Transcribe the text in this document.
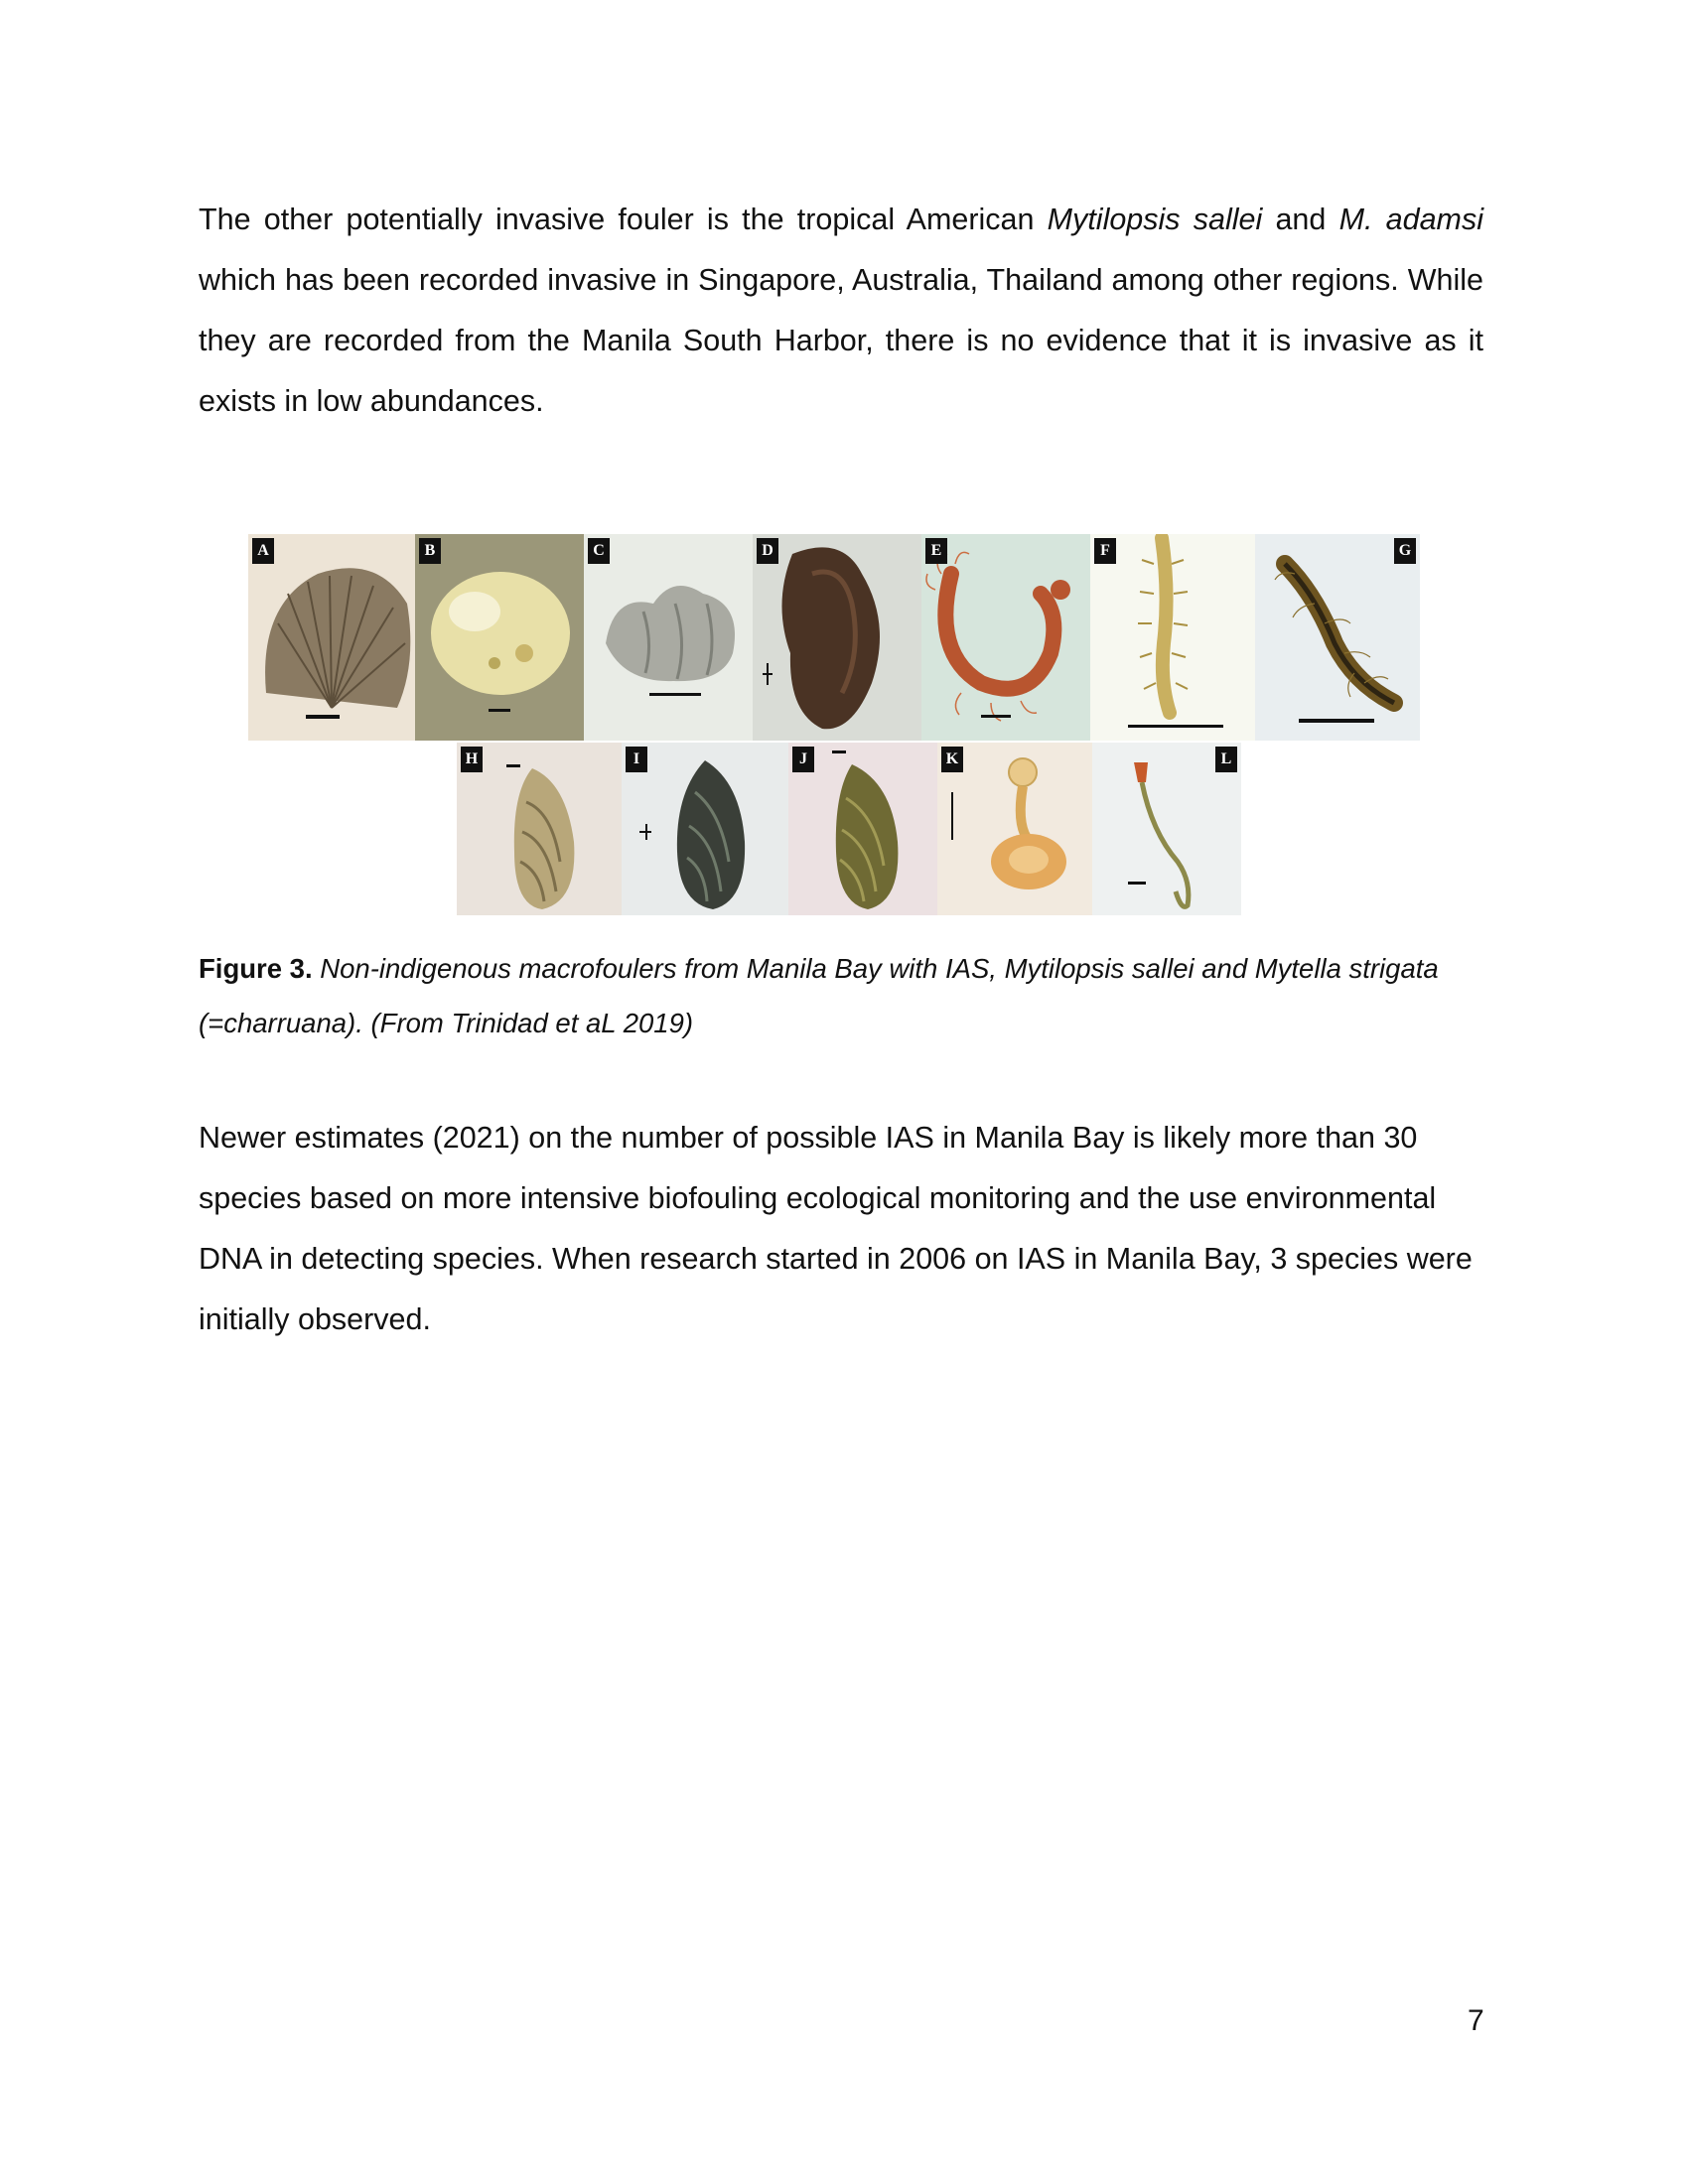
The other potentially invasive fouler is the tropical American Mytilopsis sallei and M. adamsi which has been recorded invasive in Singapore, Australia, Thailand among other regions. While they are recorded from the Manila South Harbor, there is no evidence that it is invasive as it exists in low abundances.

A	B	C	D	E	F	G
H	I	J	K	L

Figure 3. Non-indigenous macrofoulers from Manila Bay with IAS, Mytilopsis sallei and Mytella strigata (=charruana). (From Trinidad et aL 2019)

Newer estimates (2021) on the number of possible IAS in Manila Bay is likely more than 30 species based on more intensive biofouling ecological monitoring and the use environmental DNA in detecting species. When research started in 2006 on IAS in Manila Bay, 3 species were initially observed.

7
